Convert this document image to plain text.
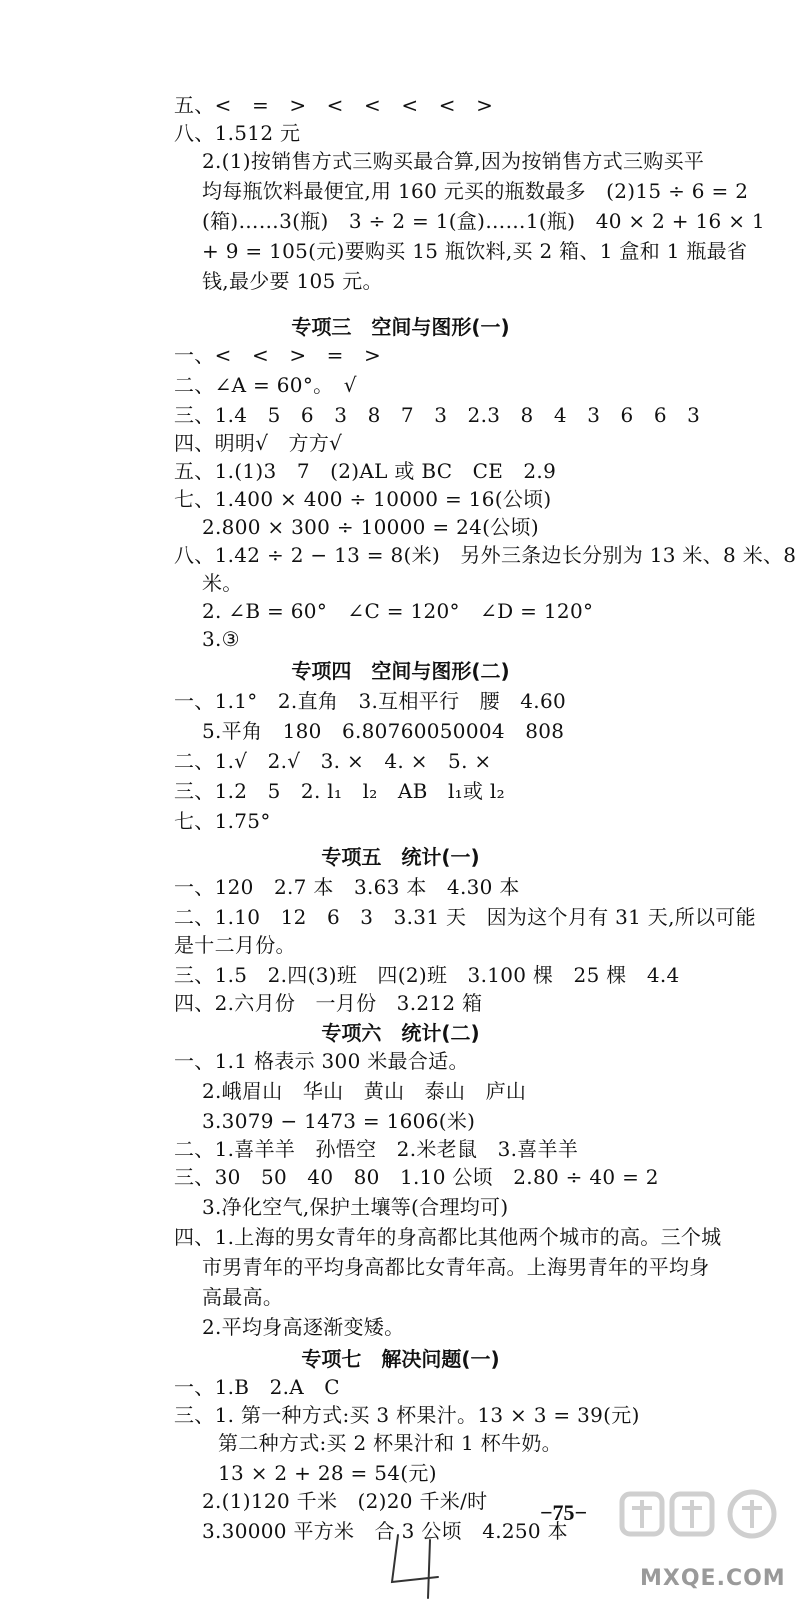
五、<　=　>　<　<　<　<　>
八、1.512 元
2.(1)按销售方式三购买最合算,因为按销售方式三购买平
均每瓶饮料最便宜,用 160 元买的瓶数最多　(2)15 ÷ 6 = 2
(箱)……3(瓶)　3 ÷ 2 = 1(盒)……1(瓶)　40 × 2 + 16 × 1
+ 9 = 105(元)要购买 15 瓶饮料,买 2 箱、1 盒和 1 瓶最省
钱,最少要 105 元。
专项三　空间与图形(一)
一、<　<　>　=　>
二、∠A = 60°。　√
三、1.4　5　6　3　8　7　3　2.3　8　4　3　6　6　3
四、明明√　方方√
五、1.(1)3　7　(2)AL 或 BC　CE　2.9
七、1.400 × 400 ÷ 10000 = 16(公顷)
2.800 × 300 ÷ 10000 = 24(公顷)
八、1.42 ÷ 2 − 13 = 8(米)　另外三条边长分别为 13 米、8 米、8
米。
2. ∠B = 60°　∠C = 120°　∠D = 120°
3.③
专项四　空间与图形(二)
一、1.1°　2.直角　3.互相平行　腰　4.60
5.平角　180　6.80760050004　808
二、1.√　2.√　3. ×　4. ×　5. ×
三、1.2　5　2. l₁　l₂　AB　l₁或 l₂
七、1.75°
专项五　统计(一)
一、120　2.7 本　3.63 本　4.30 本
二、1.10　12　6　3　3.31 天　因为这个月有 31 天,所以可能
是十二月份。
三、1.5　2.四(3)班　四(2)班　3.100 棵　25 棵　4.4
四、2.六月份　一月份　3.212 箱
专项六　统计(二)
一、1.1 格表示 300 米最合适。
2.峨眉山　华山　黄山　泰山　庐山
3.3079 − 1473 = 1606(米)
二、1.喜羊羊　孙悟空　2.米老鼠　3.喜羊羊
三、30　50　40　80　1.10 公顷　2.80 ÷ 40 = 2
3.净化空气,保护土壤等(合理均可)
四、1.上海的男女青年的身高都比其他两个城市的高。三个城
市男青年的平均身高都比女青年高。上海男青年的平均身
高最高。
2.平均身高逐渐变矮。
专项七　解决问题(一)
一、1.B　2.A　C
三、1. 第一种方式:买 3 杯果汁。13 × 3 = 39(元)
第二种方式:买 2 杯果汁和 1 杯牛奶。
13 × 2 + 28 = 54(元)
2.(1)120 千米　(2)20 千米/时
3.30000 平方米　合 3 公顷　4.250 本
−75−
MXQE.COM
